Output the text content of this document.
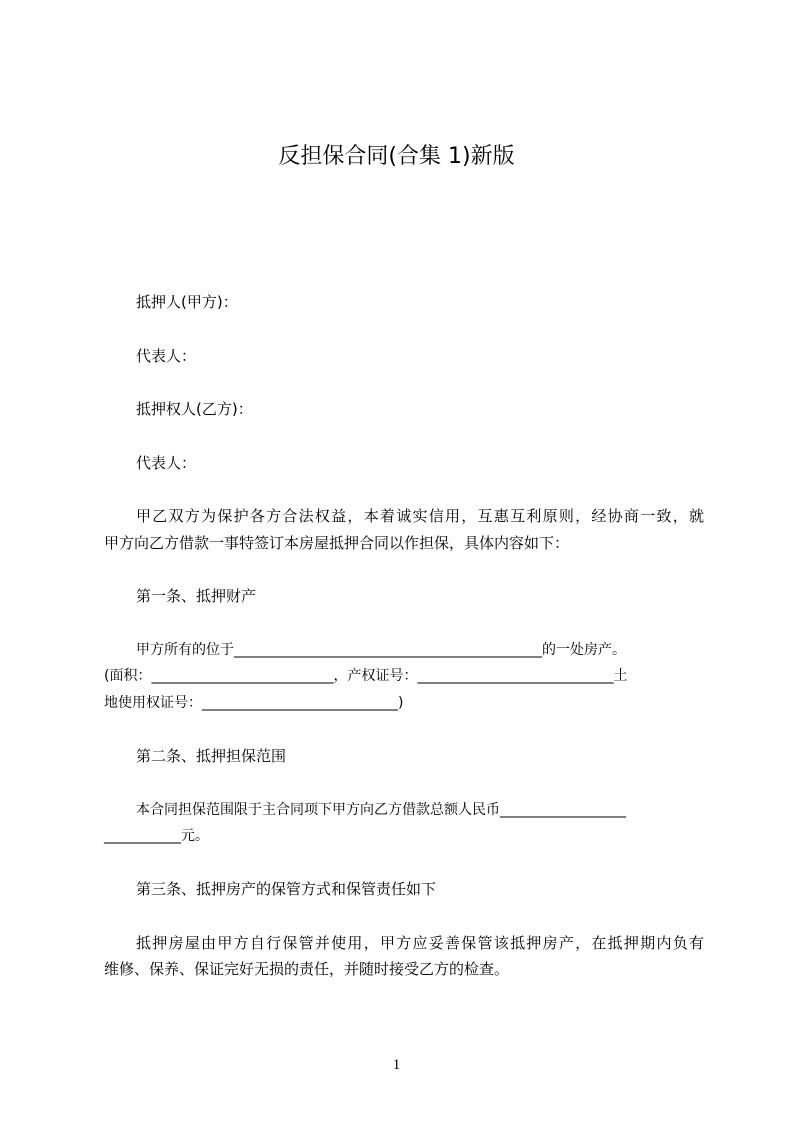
反担保合同(合集 1)新版

抵押人(甲方)：

代表人：

抵押权人(乙方)：

代表人：

甲乙双方为保护各方合法权益，本着诚实信用，互惠互利原则，经协商一致，就

甲方向乙方借款一事特签订本房屋抵押合同以作担保，具体内容如下：

第一条、抵押财产

甲方所有的位于____________________________________________的一处房产。

(面积：__________________________，产权证号：____________________________土

地使用权证号：____________________________)

第二条、抵押担保范围

本合同担保范围限于主合同项下甲方向乙方借款总额人民币__________________

___________元。

第三条、抵押房产的保管方式和保管责任如下

抵押房屋由甲方自行保管并使用，甲方应妥善保管该抵押房产，在抵押期内负有

维修、保养、保证完好无损的责任，并随时接受乙方的检查。

1
